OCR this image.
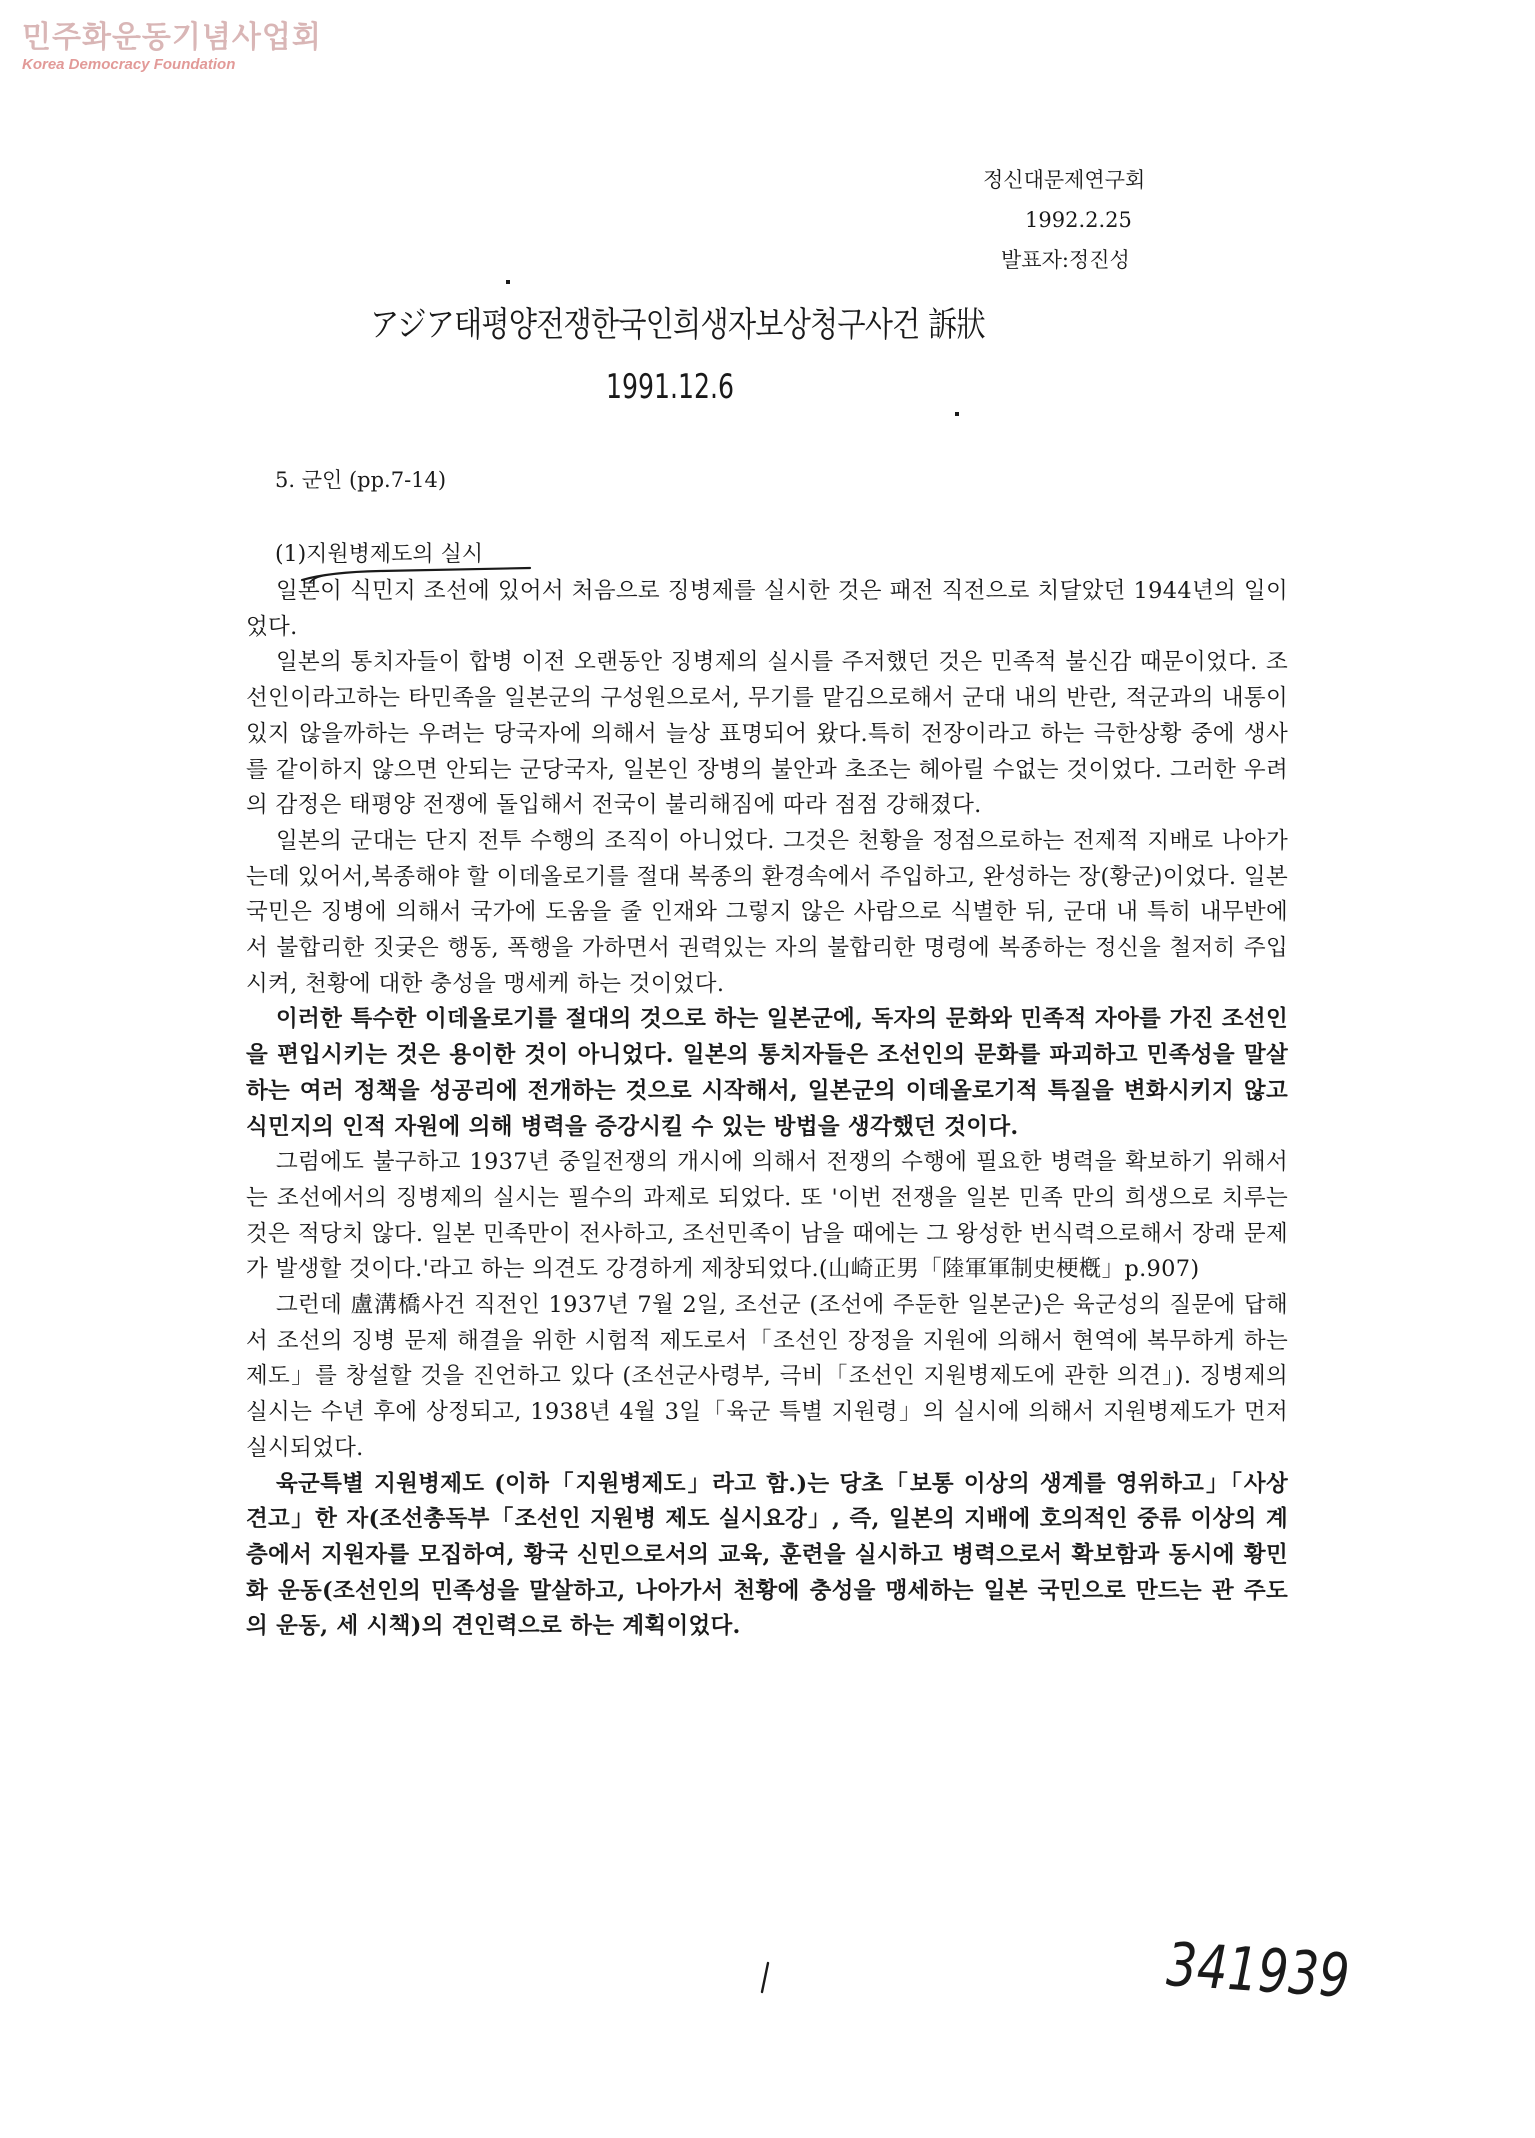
민주화운동기념사업회
Korea Democracy Foundation
정신대문제연구회
1992.2.25
발표자:정진성
アジア태평양전쟁한국인희생자보상청구사건 訴狀
1991.12.6
5. 군인 (pp.7-14)
(1)지원병제도의 실시

일본이 식민지 조선에 있어서 처음으로 징병제를 실시한 것은 패전 직전으로 치달았던 1944년의 일이었다.

일본의 통치자들이 합병 이전 오랜동안 징병제의 실시를 주저했던 것은 민족적 불신감 때문이었다. 조선인이라고하는 타민족을 일본군의 구성원으로서, 무기를 맡김으로해서 군대 내의 반란, 적군과의 내통이 있지 않을까하는 우려는 당국자에 의해서 늘상 표명되어 왔다.특히 전장이라고 하는 극한상황 중에 생사를 같이하지 않으면 안되는 군당국자, 일본인 장병의 불안과 초조는 헤아릴 수없는 것이었다. 그러한 우려의 감정은 태평양 전쟁에 돌입해서 전국이 불리해짐에 따라 점점 강해졌다.

일본의 군대는 단지 전투 수행의 조직이 아니었다. 그것은 천황을 정점으로하는 전제적 지배로 나아가는데 있어서,복종해야 할 이데올로기를 절대 복종의 환경속에서 주입하고, 완성하는 장(황군)이었다. 일본 국민은 징병에 의해서 국가에 도움을 줄 인재와 그렇지 않은 사람으로 식별한 뒤, 군대 내 특히 내무반에서 불합리한 짓궂은 행동, 폭행을 가하면서 권력있는 자의 불합리한 명령에 복종하는 정신을 철저히 주입시켜, 천황에 대한 충성을 맹세케 하는 것이었다.

이러한 특수한 이데올로기를 절대의 것으로 하는 일본군에, 독자의 문화와 민족적 자아를 가진 조선인을 편입시키는 것은 용이한 것이 아니었다. 일본의 통치자들은 조선인의 문화를 파괴하고 민족성을 말살하는 여러 정책을 성공리에 전개하는 것으로 시작해서, 일본군의 이데올로기적 특질을 변화시키지 않고 식민지의 인적 자원에 의해 병력을 증강시킬 수 있는 방법을 생각했던 것이다.

그럼에도 불구하고 1937년 중일전쟁의 개시에 의해서 전쟁의 수행에 필요한 병력을 확보하기 위해서는 조선에서의 징병제의 실시는 필수의 과제로 되었다. 또 '이번 전쟁을 일본 민족 만의 희생으로 치루는 것은 적당치 않다. 일본 민족만이 전사하고, 조선민족이 남을 때에는 그 왕성한 번식력으로해서 장래 문제가 발생할 것이다.'라고 하는 의견도 강경하게 제창되었다.(山崎正男「陸軍軍制史梗槪」p.907)

그런데 盧溝橋사건 직전인 1937년 7월 2일, 조선군 (조선에 주둔한 일본군)은 육군성의 질문에 답해서 조선의 징병 문제 해결을 위한 시험적 제도로서「조선인 장정을 지원에 의해서 현역에 복무하게 하는 제도」를 창설할 것을 진언하고 있다 (조선군사령부, 극비「조선인 지원병제도에 관한 의견」). 징병제의 실시는 수년 후에 상정되고, 1938년 4월 3일「육군 특별 지원령」의 실시에 의해서 지원병제도가 먼저 실시되었다.

육군특별 지원병제도 (이하「지원병제도」라고 함.)는 당초「보통 이상의 생계를 영위하고」「사상 견고」한 자(조선총독부「조선인 지원병 제도 실시요강」, 즉, 일본의 지배에 호의적인 중류 이상의 계층에서 지원자를 모집하여, 황국 신민으로서의 교육, 훈련을 실시하고 병력으로서 확보함과 동시에 황민화 운동(조선인의 민족성을 말살하고, 나아가서 천황에 충성을 맹세하는 일본 국민으로 만드는 관 주도의 운동, 세 시책)의 견인력으로 하는 계획이었다.

341939
